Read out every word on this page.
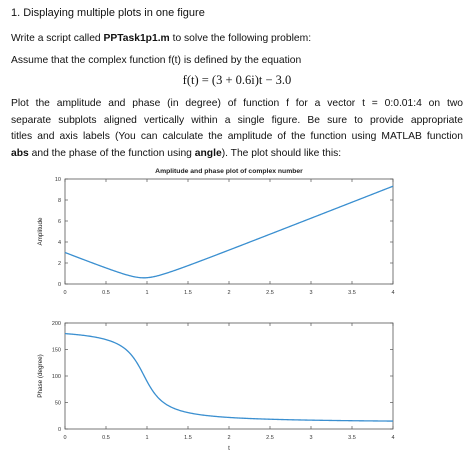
1. Displaying multiple plots in one figure
Write a script called PPTask1p1.m to solve the following problem:
Assume that the complex function f(t) is defined by the equation
f(t) = (3 + 0.6i)t − 3.0
Plot the amplitude and phase (in degree) of function f for a vector t = 0:0.01:4 on two
separate subplots aligned vertically within a single figure. Be sure to provide appropriate
titles and axis labels (You can calculate the amplitude of the function using MATLAB function
abs and the phase of the function using angle). The plot should like this:
0	0.5	1	1.5	2	2.5	3	3.5	4
0
2
4
6
8
10
Amplitude and phase plot of complex number
Amplitude
0	0.5	1	1.5	2	2.5	3	3.5	4
0
50
100
150
200
Phase (degree)
t
